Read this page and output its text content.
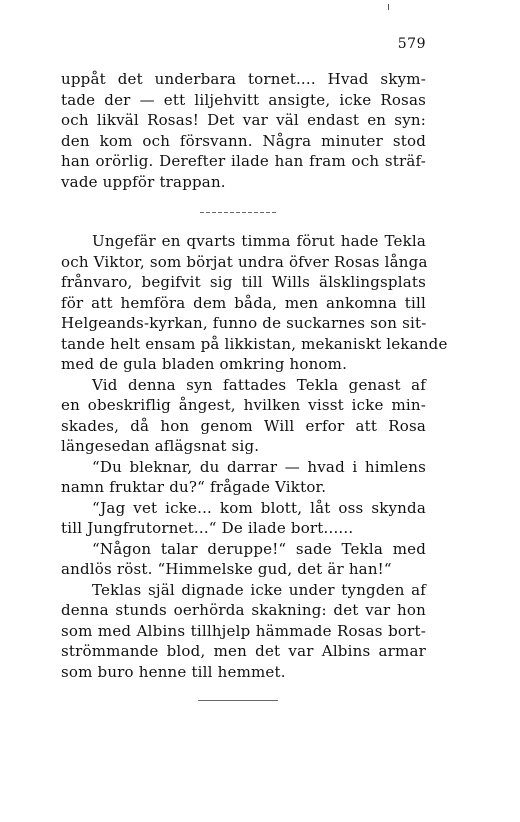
579
uppåt det underbara tornet.... Hvad skym-
tade der — ett liljehvitt ansigte, icke Rosas
och likväl Rosas! Det var väl endast en syn:
den kom och försvann. Några minuter stod
han orörlig. Derefter ilade han fram och sträf-
vade uppför trappan.
Ungefär en qvarts timma förut hade Tekla
och Viktor, som börjat undra öfver Rosas långa
frånvaro, begifvit sig till Wills älsklingsplats
för att hemföra dem båda, men ankomna till
Helgeands-kyrkan, funno de suckarnes son sit-
tande helt ensam på likkistan, mekaniskt lekande
med de gula bladen omkring honom.
Vid denna syn fattades Tekla genast af
en obeskriflig ångest, hvilken visst icke min-
skades, då hon genom Will erfor att Rosa
längesedan aflägsnat sig.
“Du bleknar, du darrar — hvad i himlens
namn fruktar du?“ frågade Viktor.
“Jag vet icke... kom blott, låt oss skynda
till Jungfrutornet...“ De ilade bort......
“Någon talar deruppe!“ sade Tekla med
andlös röst. “Himmelske gud, det är han!“
Teklas själ dignade icke under tyngden af
denna stunds oerhörda skakning: det var hon
som med Albins tillhjelp hämmade Rosas bort-
strömmande blod, men det var Albins armar
som buro henne till hemmet.
